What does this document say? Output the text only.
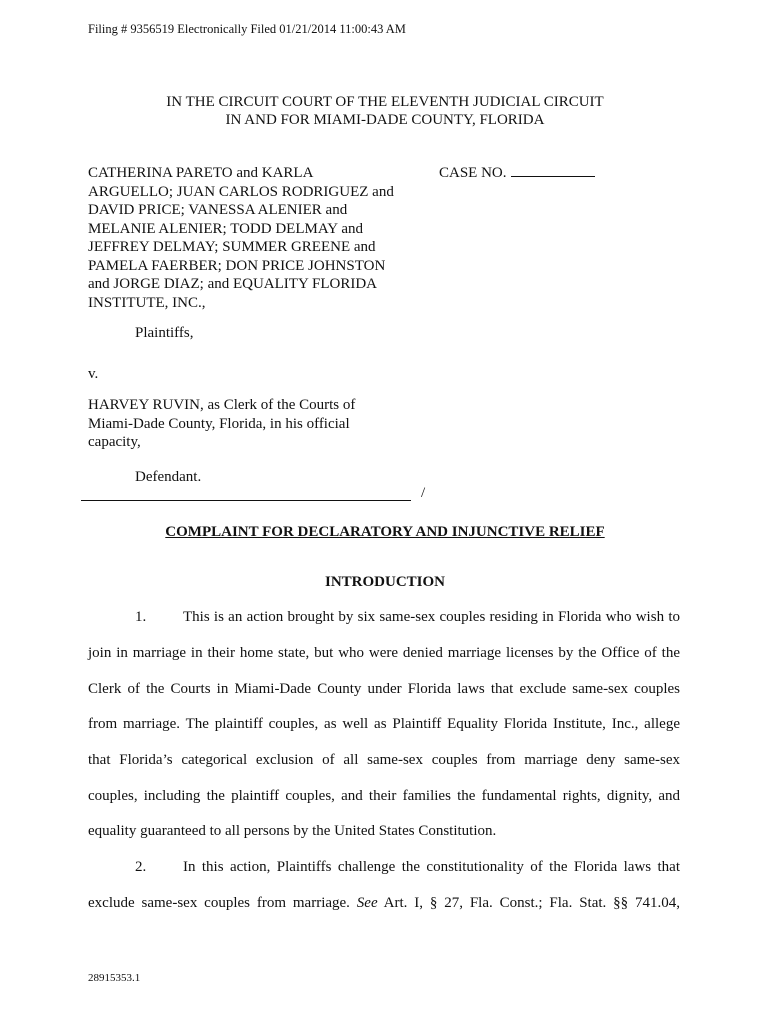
Filing # 9356519 Electronically Filed 01/21/2014 11:00:43 AM
IN THE CIRCUIT COURT OF THE ELEVENTH JUDICIAL CIRCUIT
IN AND FOR MIAMI-DADE COUNTY, FLORIDA
CATHERINA PARETO and KARLA
ARGUELLO; JUAN CARLOS RODRIGUEZ and
DAVID PRICE; VANESSA ALENIER and
MELANIE ALENIER; TODD DELMAY and
JEFFREY DELMAY; SUMMER GREENE and
PAMELA FAERBER; DON PRICE JOHNSTON
and JORGE DIAZ; and EQUALITY FLORIDA
INSTITUTE, INC.,
CASE NO.
Plaintiffs,
v.
HARVEY RUVIN, as Clerk of the Courts of
Miami-Dade County, Florida, in his official
capacity,
Defendant.
/
COMPLAINT FOR DECLARATORY AND INJUNCTIVE RELIEF
INTRODUCTION
1. This is an action brought by six same-sex couples residing in Florida who wish to
join in marriage in their home state, but who were denied marriage licenses by the Office of the
Clerk of the Courts in Miami-Dade County under Florida laws that exclude same-sex couples
from marriage. The plaintiff couples, as well as Plaintiff Equality Florida Institute, Inc., allege
that Florida’s categorical exclusion of all same-sex couples from marriage deny same-sex
couples, including the plaintiff couples, and their families the fundamental rights, dignity, and
equality guaranteed to all persons by the United States Constitution.
2. In this action, Plaintiffs challenge the constitutionality of the Florida laws that
exclude same-sex couples from marriage. See Art. I, § 27, Fla. Const.; Fla. Stat. §§ 741.04,
28915353.1
